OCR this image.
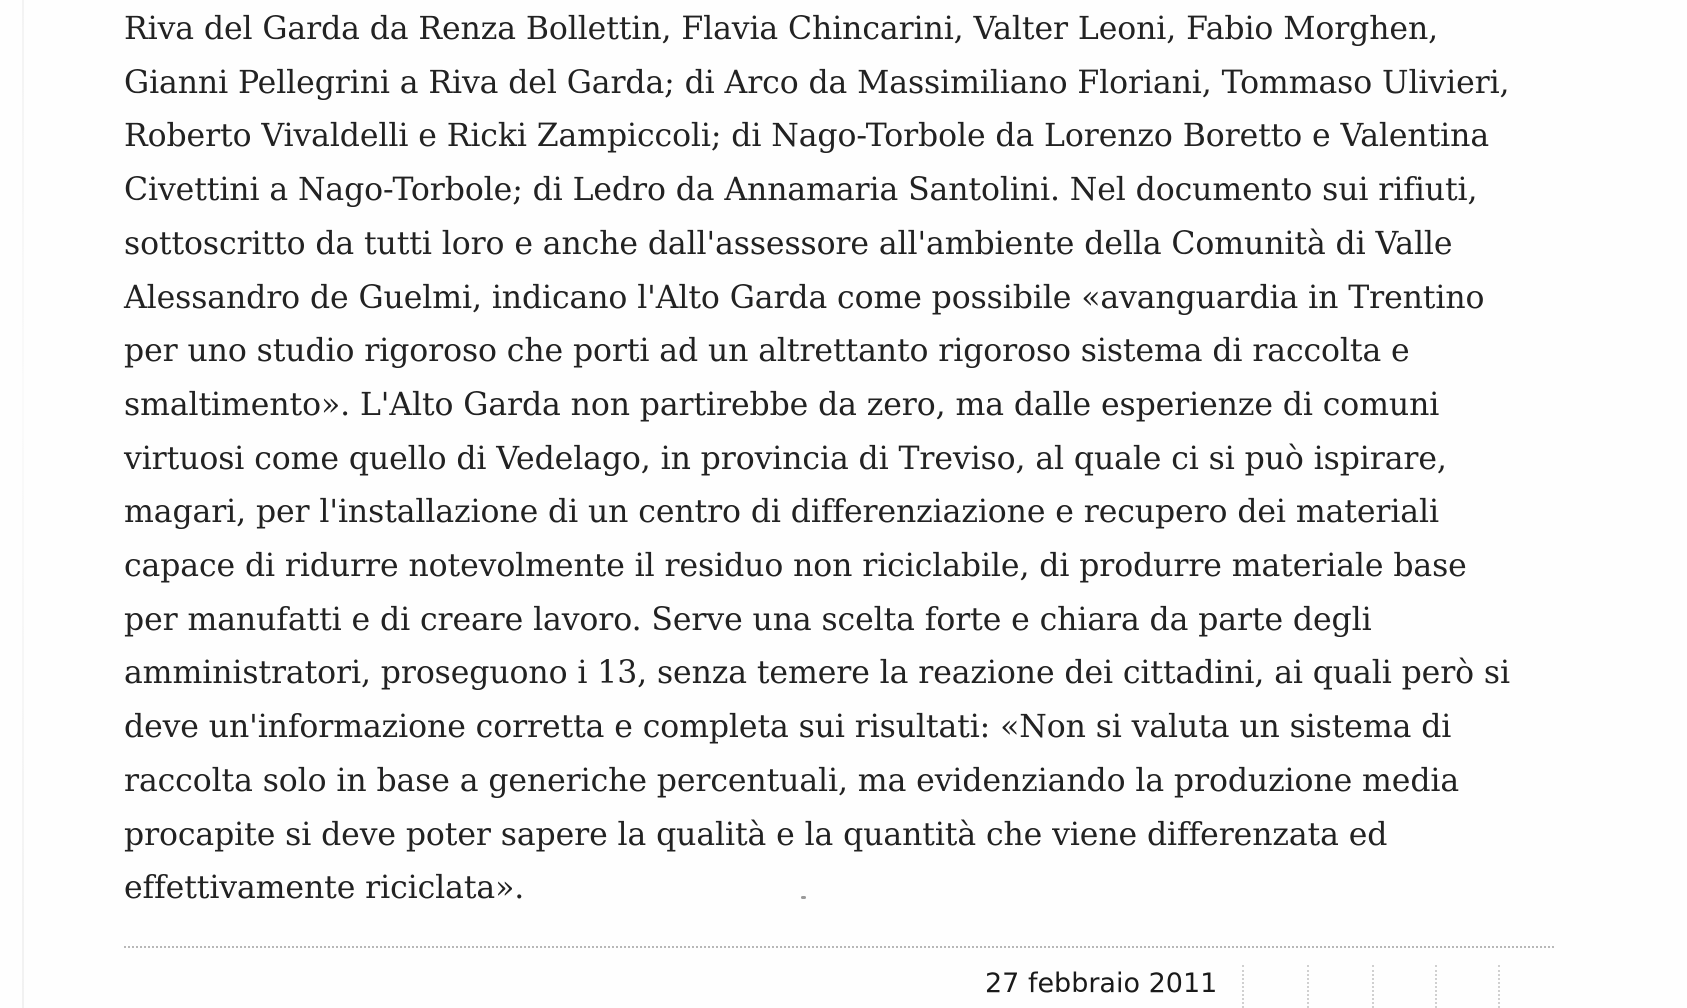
Riva del Garda da Renza Bollettin, Flavia Chincarini, Valter Leoni, Fabio Morghen,
Gianni Pellegrini a Riva del Garda; di Arco da Massimiliano Floriani, Tommaso Ulivieri,
Roberto Vivaldelli e Ricki Zampiccoli; di Nago-Torbole da Lorenzo Boretto e Valentina
Civettini a Nago-Torbole; di Ledro da Annamaria Santolini. Nel documento sui rifiuti,
sottoscritto da tutti loro e anche dall'assessore all'ambiente della Comunità di Valle
Alessandro de Guelmi, indicano l'Alto Garda come possibile «avanguardia in Trentino
per uno studio rigoroso che porti ad un altrettanto rigoroso sistema di raccolta e
smaltimento». L'Alto Garda non partirebbe da zero, ma dalle esperienze di comuni
virtuosi come quello di Vedelago, in provincia di Treviso, al quale ci si può ispirare,
magari, per l'installazione di un centro di differenziazione e recupero dei materiali
capace di ridurre notevolmente il residuo non riciclabile, di produrre materiale base
per manufatti e di creare lavoro. Serve una scelta forte e chiara da parte degli
amministratori, proseguono i 13, senza temere la reazione dei cittadini, ai quali però si
deve un'informazione corretta e completa sui risultati: «Non si valuta un sistema di
raccolta solo in base a generiche percentuali, ma evidenziando la produzione media
procapite si deve poter sapere la qualità e la quantità che viene differenzata ed
effettivamente riciclata».

27 febbraio 2011
